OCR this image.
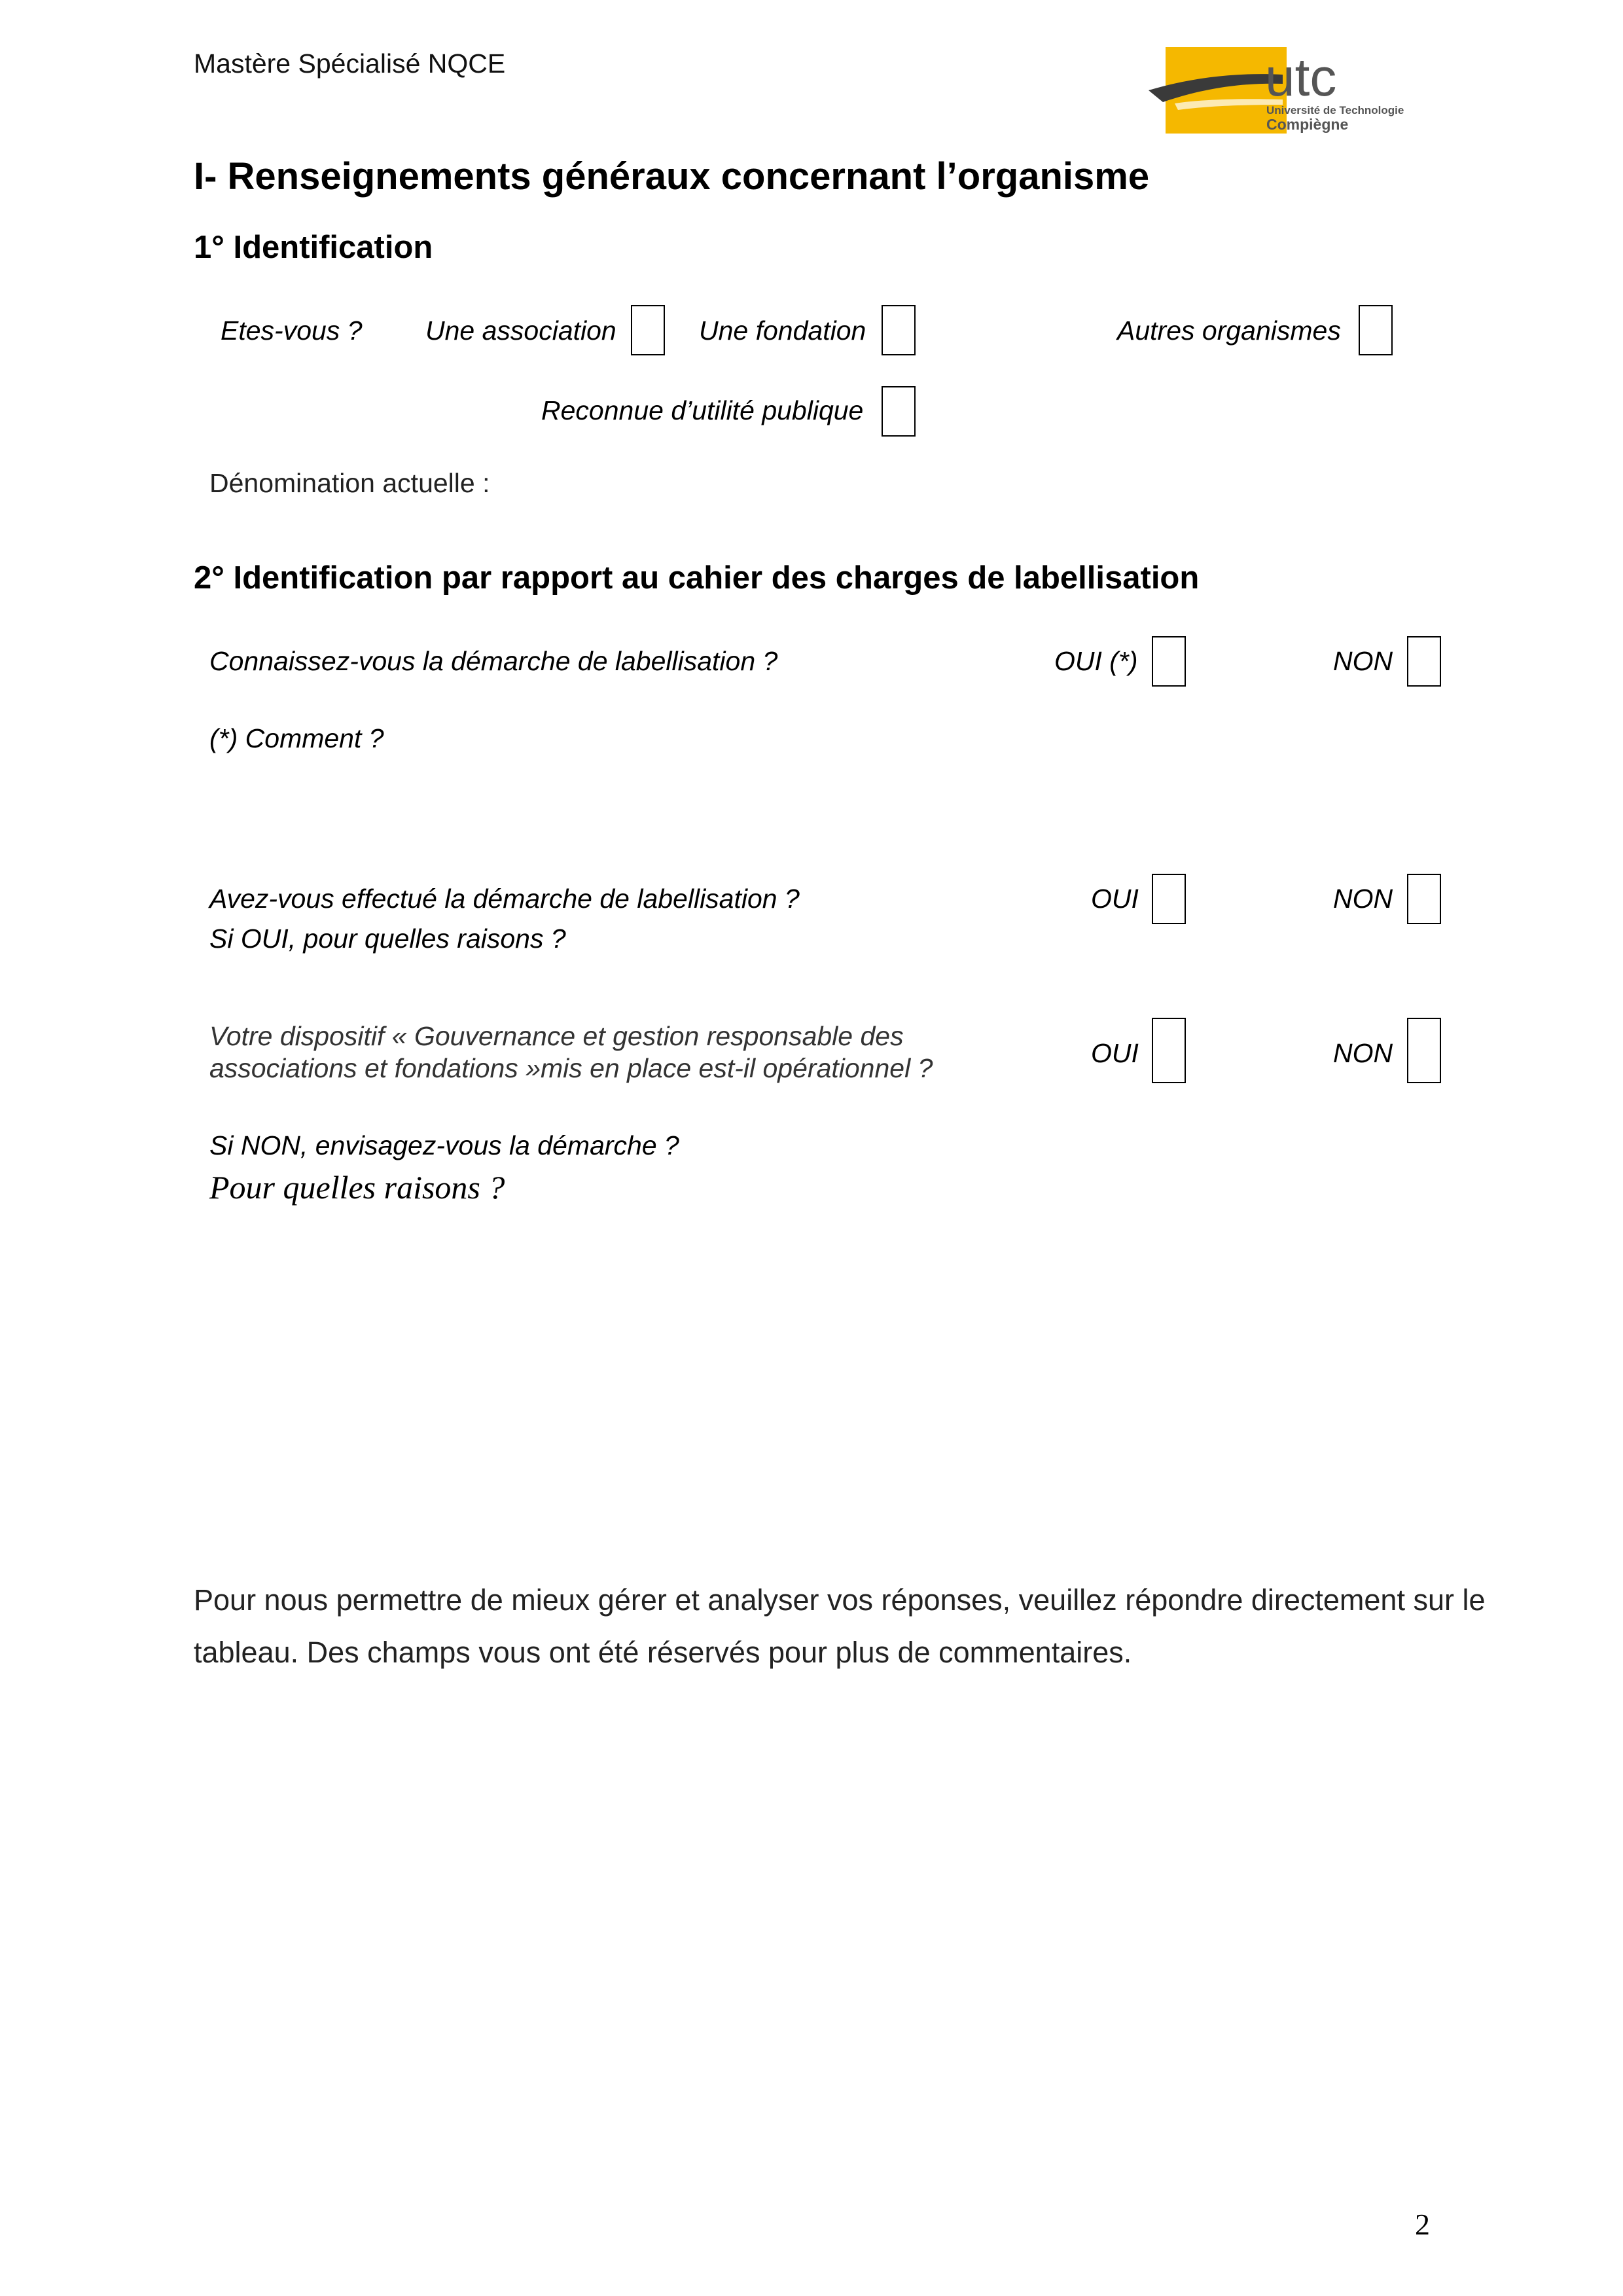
Mastère Spécialisé NQCE	utc
Université de Technologie
Compiègne
I- Renseignements généraux concernant l’organisme
1° Identification
Etes-vous ? Une association	Une fondation	Autres organismes
Reconnue d’utilité publique
Dénomination actuelle :
2° Identification par rapport au cahier des charges de labellisation
Connaissez-vous la démarche de labellisation ?	OUI (*)	NON
(*) Comment ?
Avez-vous effectué la démarche de labellisation ?
Si OUI, pour quelles raisons ?
OUI	NON
Votre dispositif « Gouvernance et gestion responsable des
associations et fondations »mis en place est-il opérationnel ?	OUI	NON
Si NON, envisagez-vous la démarche ?
Pour quelles raisons ?
Pour nous permettre de mieux gérer et analyser vos réponses, veuillez répondre directement sur le tableau. Des champs vous ont été réservés pour plus de commentaires.
2
